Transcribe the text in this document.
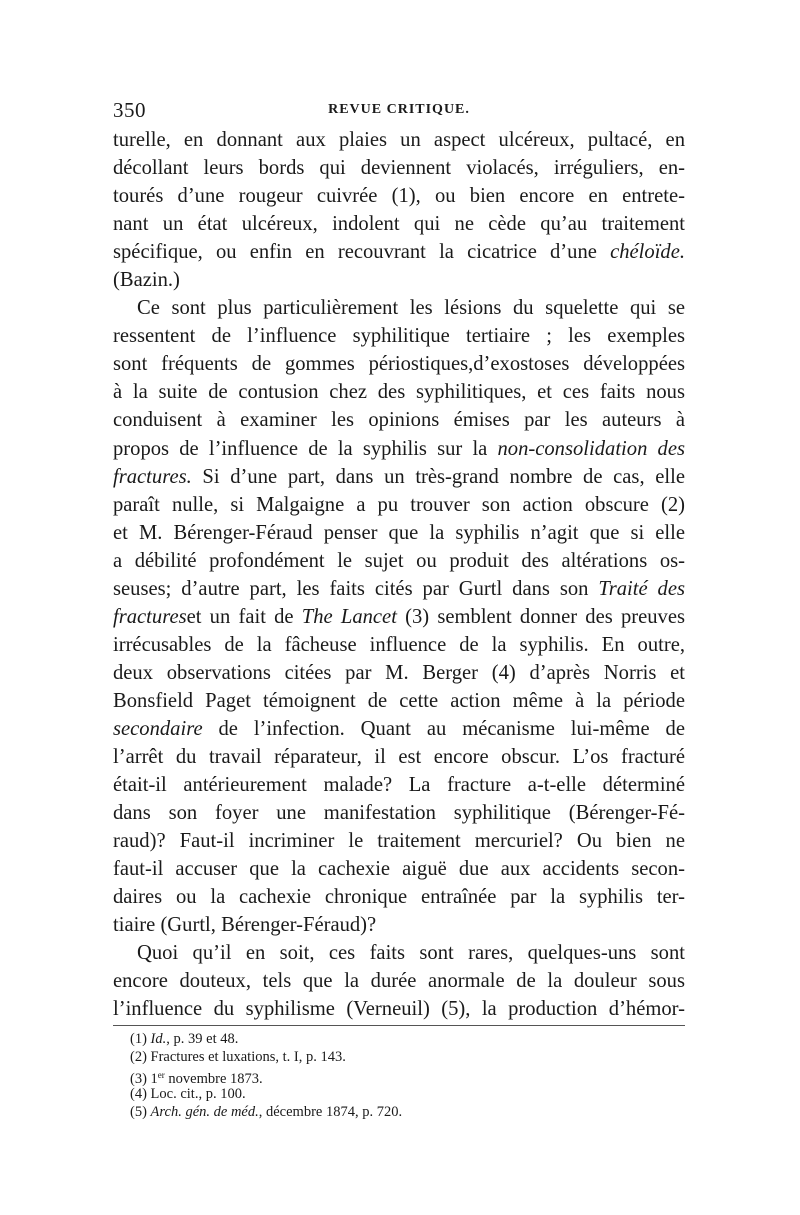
350	REVUE CRITIQUE.
turelle, en donnant aux plaies un aspect ulcéreux, pultacé, en
décollant leurs bords qui deviennent violacés, irréguliers, en-
tourés d’une rougeur cuivrée (1), ou bien encore en entrete-
nant un état ulcéreux, indolent qui ne cède qu’au traitement
spécifique, ou enfin en recouvrant la cicatrice d’une chéloïde.
(Bazin.)
Ce sont plus particulièrement les lésions du squelette qui se
ressentent de l’influence syphilitique tertiaire ; les exemples
sont fréquents de gommes périostiques,d’exostoses développées
à la suite de contusion chez des syphilitiques, et ces faits nous
conduisent à examiner les opinions émises par les auteurs à
propos de l’influence de la syphilis sur la non-consolidation des
fractures. Si d’une part, dans un très-grand nombre de cas, elle
paraît nulle, si Malgaigne a pu trouver son action obscure (2)
et M. Bérenger-Féraud penser que la syphilis n’agit que si elle
a débilité profondément le sujet ou produit des altérations os-
seuses; d’autre part, les faits cités par Gurtl dans son Traité des
fractureset un fait de The Lancet (3) semblent donner des preuves
irrécusables de la fâcheuse influence de la syphilis. En outre,
deux observations citées par M. Berger (4) d’après Norris et
Bonsfield Paget témoignent de cette action même à la période
secondaire de l’infection. Quant au mécanisme lui-même de
l’arrêt du travail réparateur, il est encore obscur. L’os fracturé
était-il antérieurement malade? La fracture a-t-elle déterminé
dans son foyer une manifestation syphilitique (Bérenger-Fé-
raud)? Faut-il incriminer le traitement mercuriel? Ou bien ne
faut-il accuser que la cachexie aiguë due aux accidents secon-
daires ou la cachexie chronique entraînée par la syphilis ter-
tiaire (Gurtl, Bérenger-Féraud)?
Quoi qu’il en soit, ces faits sont rares, quelques-uns sont
encore douteux, tels que la durée anormale de la douleur sous
l’influence du syphilisme (Verneuil) (5), la production d’hémor-
(1) Id., p. 39 et 48.
(2) Fractures et luxations, t. I, p. 143.
(3) 1er novembre 1873.
(4) Loc. cit., p. 100.
(5) Arch. gén. de méd., décembre 1874, p. 720.
